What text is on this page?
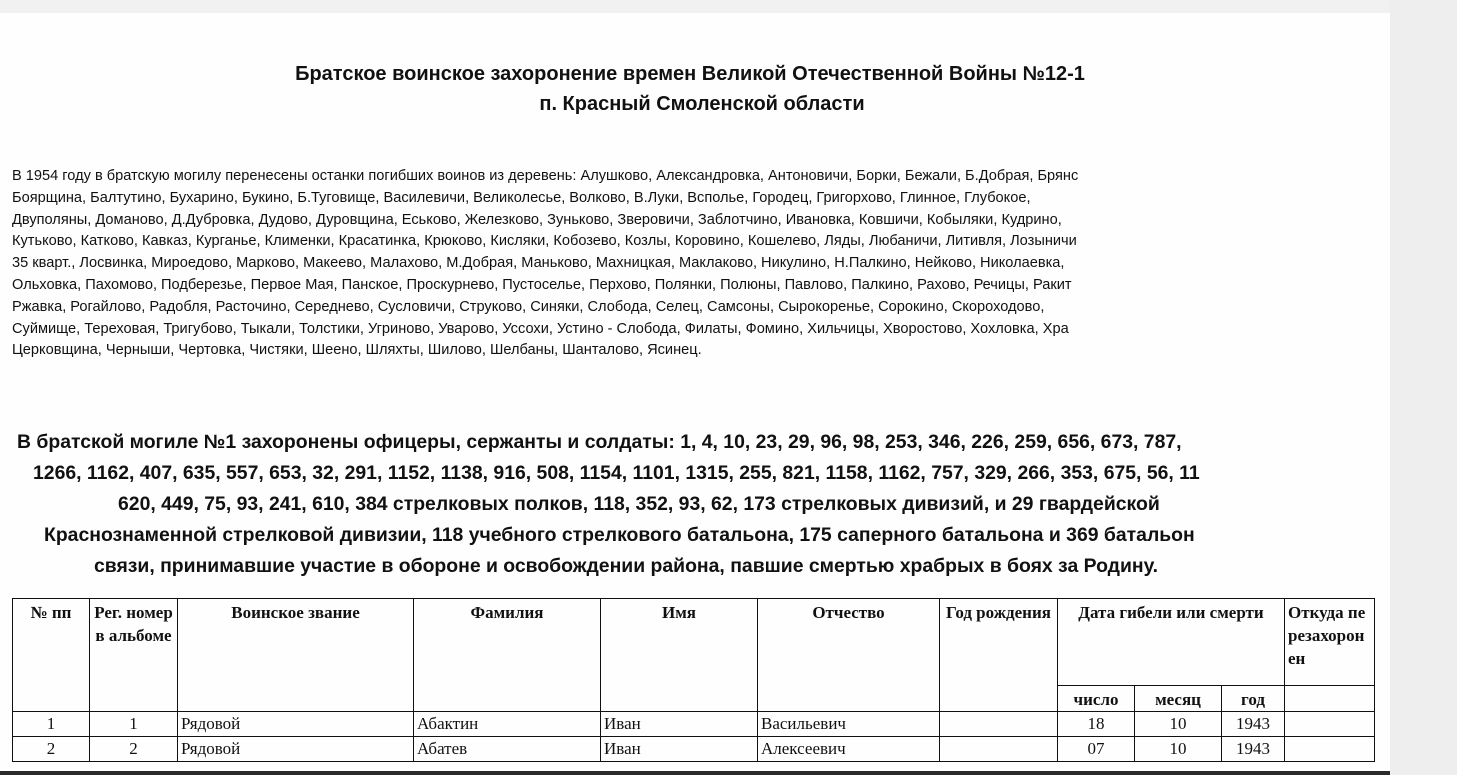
Братское воинское захоронение времен Великой Отечественной Войны №12-1
п. Красный Смоленской области
В 1954 году в братскую могилу перенесены останки погибших воинов из деревень: Алушково, Александровка, Антоновичи, Борки, Бежали, Б.Добрая, Брянс
Боярщина, Балтутино, Бухарино, Букино, Б.Туговище, Василевичи, Великолесье, Волково, В.Луки, Всполье, Городец, Григорхово, Глинное, Глубокое,
Двуполяны, Доманово, Д.Дубровка, Дудово, Дуровщина, Еськово, Железково, Зуньково, Зверовичи, Заблотчино, Ивановка, Ковшичи, Кобыляки, Кудрино,
Кутьково, Катково, Кавказ, Курганье, Клименки, Красатинка, Крюково, Кисляки, Кобозево, Козлы, Коровино, Кошелево, Ляды, Любаничи, Литивля, Лозыничи
35 кварт., Лосвинка, Мироедово, Марково, Макеево, Малахово, М.Добрая, Маньково, Махницкая, Маклаково, Никулино, Н.Палкино, Нейково, Николаевка,
Ольховка, Пахомово, Подберезье, Первое Мая, Панское, Проскурнево, Пустоселье, Перхово, Полянки, Полюны, Павлово, Палкино, Рахово, Речицы, Ракит
Ржавка, Рогайлово, Радобля, Расточино, Середнево, Сусловичи, Струково, Синяки, Слобода, Селец, Самсоны, Сырокоренье, Сорокино, Скороходово,
Суймище, Тереховая, Тригубово, Тыкали, Толстики, Угриново, Уварово, Уссохи, Устино - Слобода, Филаты, Фомино, Хильчицы, Хворостово, Хохловка, Хра
Церковщина, Черныши, Чертовка, Чистяки, Шеено, Шляхты, Шилово, Шелбаны, Шанталово, Ясинец.
В братской могиле №1 захоронены офицеры, сержанты и солдаты: 1, 4, 10, 23, 29, 96, 98, 253, 346, 226, 259, 656, 673, 787,
1266, 1162, 407, 635, 557, 653, 32, 291, 1152, 1138, 916, 508, 1154, 1101, 1315, 255, 821, 1158, 1162, 757, 329, 266, 353, 675, 56, 11
620, 449, 75, 93, 241, 610, 384 стрелковых полков, 118, 352, 93, 62, 173 стрелковых дивизий, и 29 гвардейской
Краснознаменной стрелковой дивизии, 118 учебного стрелкового батальона, 175 саперного батальона и 369 батальон
связи, принимавшие участие в обороне и освобождении района, павшие смертью храбрых в боях за Родину.
№ пп	Рег. номер в альбоме	Воинское звание	Фамилия	Имя	Отчество	Год рождения	Дата гибели или смерти			Откуда перезахоронен
							число	месяц	год	
1	1	Рядовой	Абактин	Иван	Васильевич		18	10	1943	
2	2	Рядовой	Абатев	Иван	Алексеевич		07	10	1943	
